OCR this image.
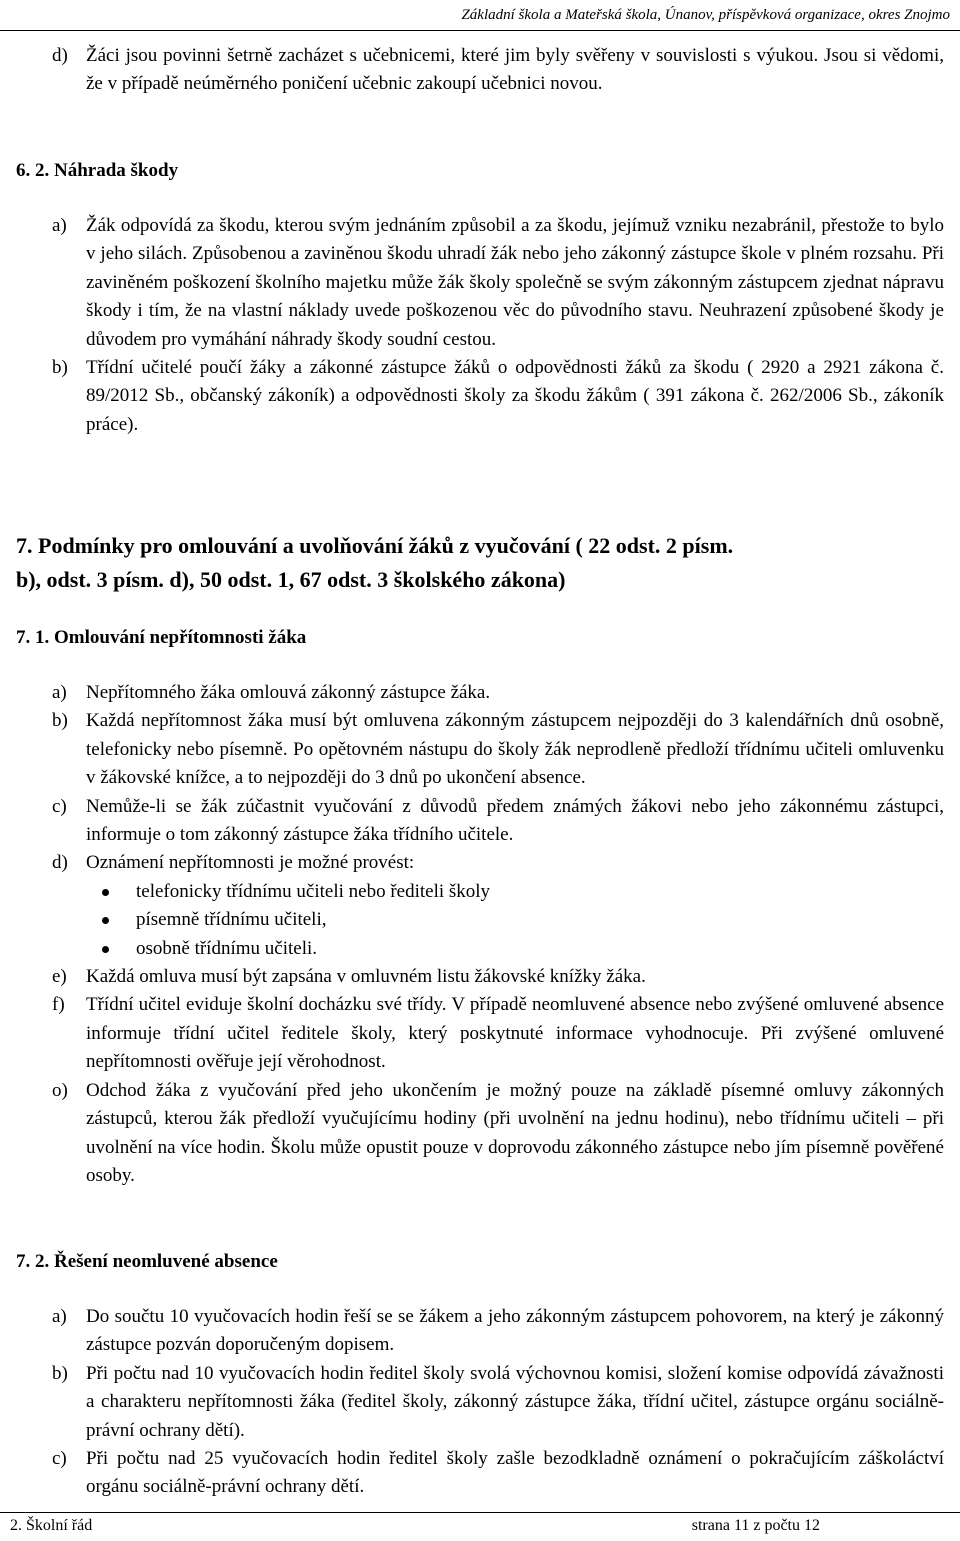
Základní škola a Mateřská škola, Únanov, příspěvková organizace, okres Znojmo
d) Žáci jsou povinni šetrně zacházet s učebnicemi, které jim byly svěřeny v souvislosti s výukou. Jsou si vědomi, že v případě neúměrného poničení učebnic zakoupí učebnici novou.
6. 2. Náhrada škody
a) Žák odpovídá za škodu, kterou svým jednáním způsobil a za škodu, jejímuž vzniku nezabránil, přestože to bylo v jeho silách. Způsobenou a zaviněnou škodu uhradí žák nebo jeho zákonný zástupce škole v plném rozsahu. Při zaviněném poškození školního majetku může žák školy společně se svým zákonným zástupcem zjednat nápravu škody i tím, že na vlastní náklady uvede poškozenou věc do původního stavu. Neuhrazení způsobené škody je důvodem pro vymáhání náhrady škody soudní cestou.
b) Třídní učitelé poučí žáky a zákonné zástupce žáků o odpovědnosti žáků za škodu ( 2920 a 2921 zákona č. 89/2012 Sb., občanský zákoník) a odpovědnosti školy za škodu žákům ( 391 zákona č. 262/2006 Sb., zákoník práce).
7. Podmínky pro omlouvání a uvolňování žáků z vyučování ( 22 odst. 2 písm.
b), odst. 3 písm. d), 50 odst. 1, 67 odst. 3 školského zákona)
7. 1. Omlouvání nepřítomnosti žáka
a) Nepřítomného žáka omlouvá zákonný zástupce žáka.
b) Každá nepřítomnost žáka musí být omluvena zákonným zástupcem nejpozději do 3 kalendářních dnů osobně, telefonicky nebo písemně. Po opětovném nástupu do školy žák neprodleně předloží třídnímu učiteli omluvenku v žákovské knížce, a to nejpozději do 3 dnů po ukončení absence.
c) Nemůže-li se žák zúčastnit vyučování z důvodů předem známých žákovi nebo jeho zákonnému zástupci, informuje o tom zákonný zástupce žáka třídního učitele.
d) Oznámení nepřítomnosti je možné provést:
telefonicky třídnímu učiteli nebo řediteli školy
písemně třídnímu učiteli,
osobně třídnímu učiteli.
e) Každá omluva musí být zapsána v omluvném listu žákovské knížky žáka.
f) Třídní učitel eviduje školní docházku své třídy. V případě neomluvené absence nebo zvýšené omluvené absence informuje třídní učitel ředitele školy, který poskytnuté informace vyhodnocuje. Při zvýšené omluvené nepřítomnosti ověřuje její věrohodnost.
o) Odchod žáka z vyučování před jeho ukončením je možný pouze na základě písemné omluvy zákonných zástupců, kterou žák předloží vyučujícímu hodiny (při uvolnění na jednu hodinu), nebo třídnímu učiteli – při uvolnění na více hodin. Školu může opustit pouze v doprovodu zákonného zástupce nebo jím písemně pověřené osoby.
7. 2. Řešení neomluvené absence
a) Do součtu 10 vyučovacích hodin řeší se se žákem a jeho zákonným zástupcem pohovorem, na který je zákonný zástupce pozván doporučeným dopisem.
b) Při počtu nad 10 vyučovacích hodin ředitel školy svolá výchovnou komisi, složení komise odpovídá závažnosti a charakteru nepřítomnosti žáka (ředitel školy, zákonný zástupce žáka, třídní učitel, zástupce orgánu sociálně-právní ochrany dětí).
c) Při počtu nad 25 vyučovacích hodin ředitel školy zašle bezodkladně oznámení o pokračujícím záškoláctví orgánu sociálně-právní ochrany dětí.
2. Školní řád	strana 11 z počtu 12
